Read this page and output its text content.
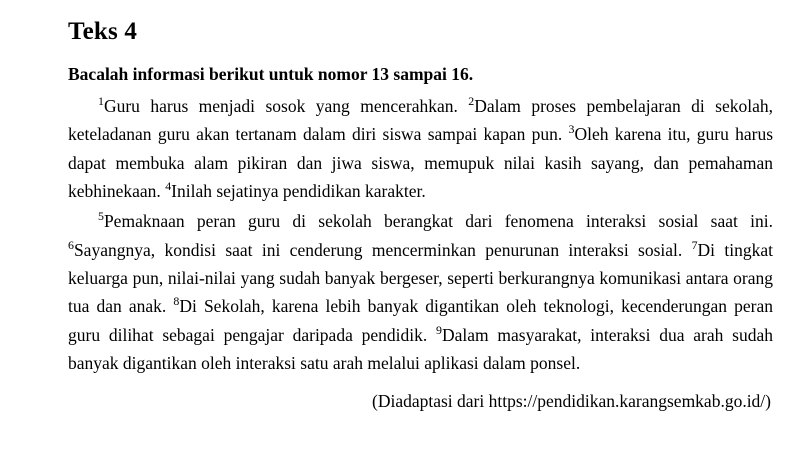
Teks 4

Bacalah informasi berikut untuk nomor 13 sampai 16.

$^1$Guru harus menjadi sosok yang mencerahkan. $^2$Dalam proses pembelajaran di sekolah, keteladanan guru akan tertanam dalam diri siswa sampai kapan pun. $^3$Oleh karena itu, guru harus dapat membuka alam pikiran dan jiwa siswa, memupuk nilai kasih sayang, dan pemahaman kebhinekaan. $^4$Inilah sejatinya pendidikan karakter.

$^5$Pemaknaan peran guru di sekolah berangkat dari fenomena interaksi sosial saat ini. $^6$Sayangnya, kondisi saat ini cenderung mencerminkan penurunan interaksi sosial. $^7$Di tingkat keluarga pun, nilai-nilai yang sudah banyak bergeser, seperti berkurangnya komunikasi antara orang tua dan anak. $^8$Di Sekolah, karena lebih banyak digantikan oleh teknologi, kecenderungan peran guru dilihat sebagai pengajar daripada pendidik. $^9$Dalam masyarakat, interaksi dua arah sudah banyak digantikan oleh interaksi satu arah melalui aplikasi dalam ponsel.

(Diadaptasi dari https://pendidikan.karangsemkab.go.id/)
